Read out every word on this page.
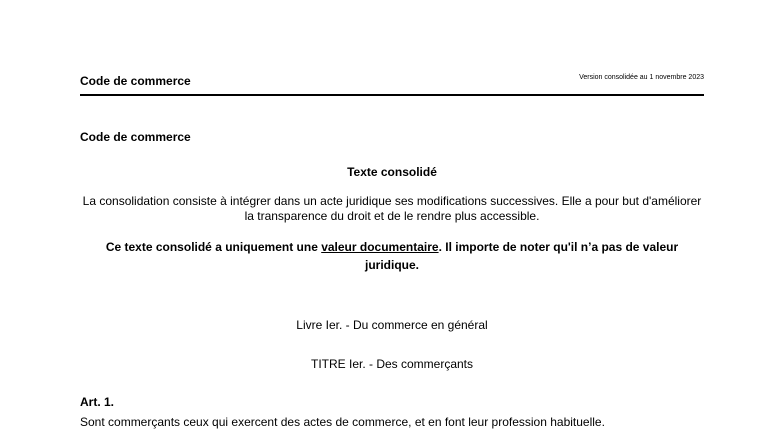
Code de commerce	Version consolidée au 1 novembre 2023
Code de commerce
Texte consolidé
La consolidation consiste à intégrer dans un acte juridique ses modifications successives. Elle a pour but d'améliorer la transparence du droit et de le rendre plus accessible.
Ce texte consolidé a uniquement une valeur documentaire. Il importe de noter qu'il n’a pas de valeur juridique.
Livre Ier. - Du commerce en général
TITRE Ier. - Des commerçants
Art. 1.
Sont commerçants ceux qui exercent des actes de commerce, et en font leur profession habituelle.
